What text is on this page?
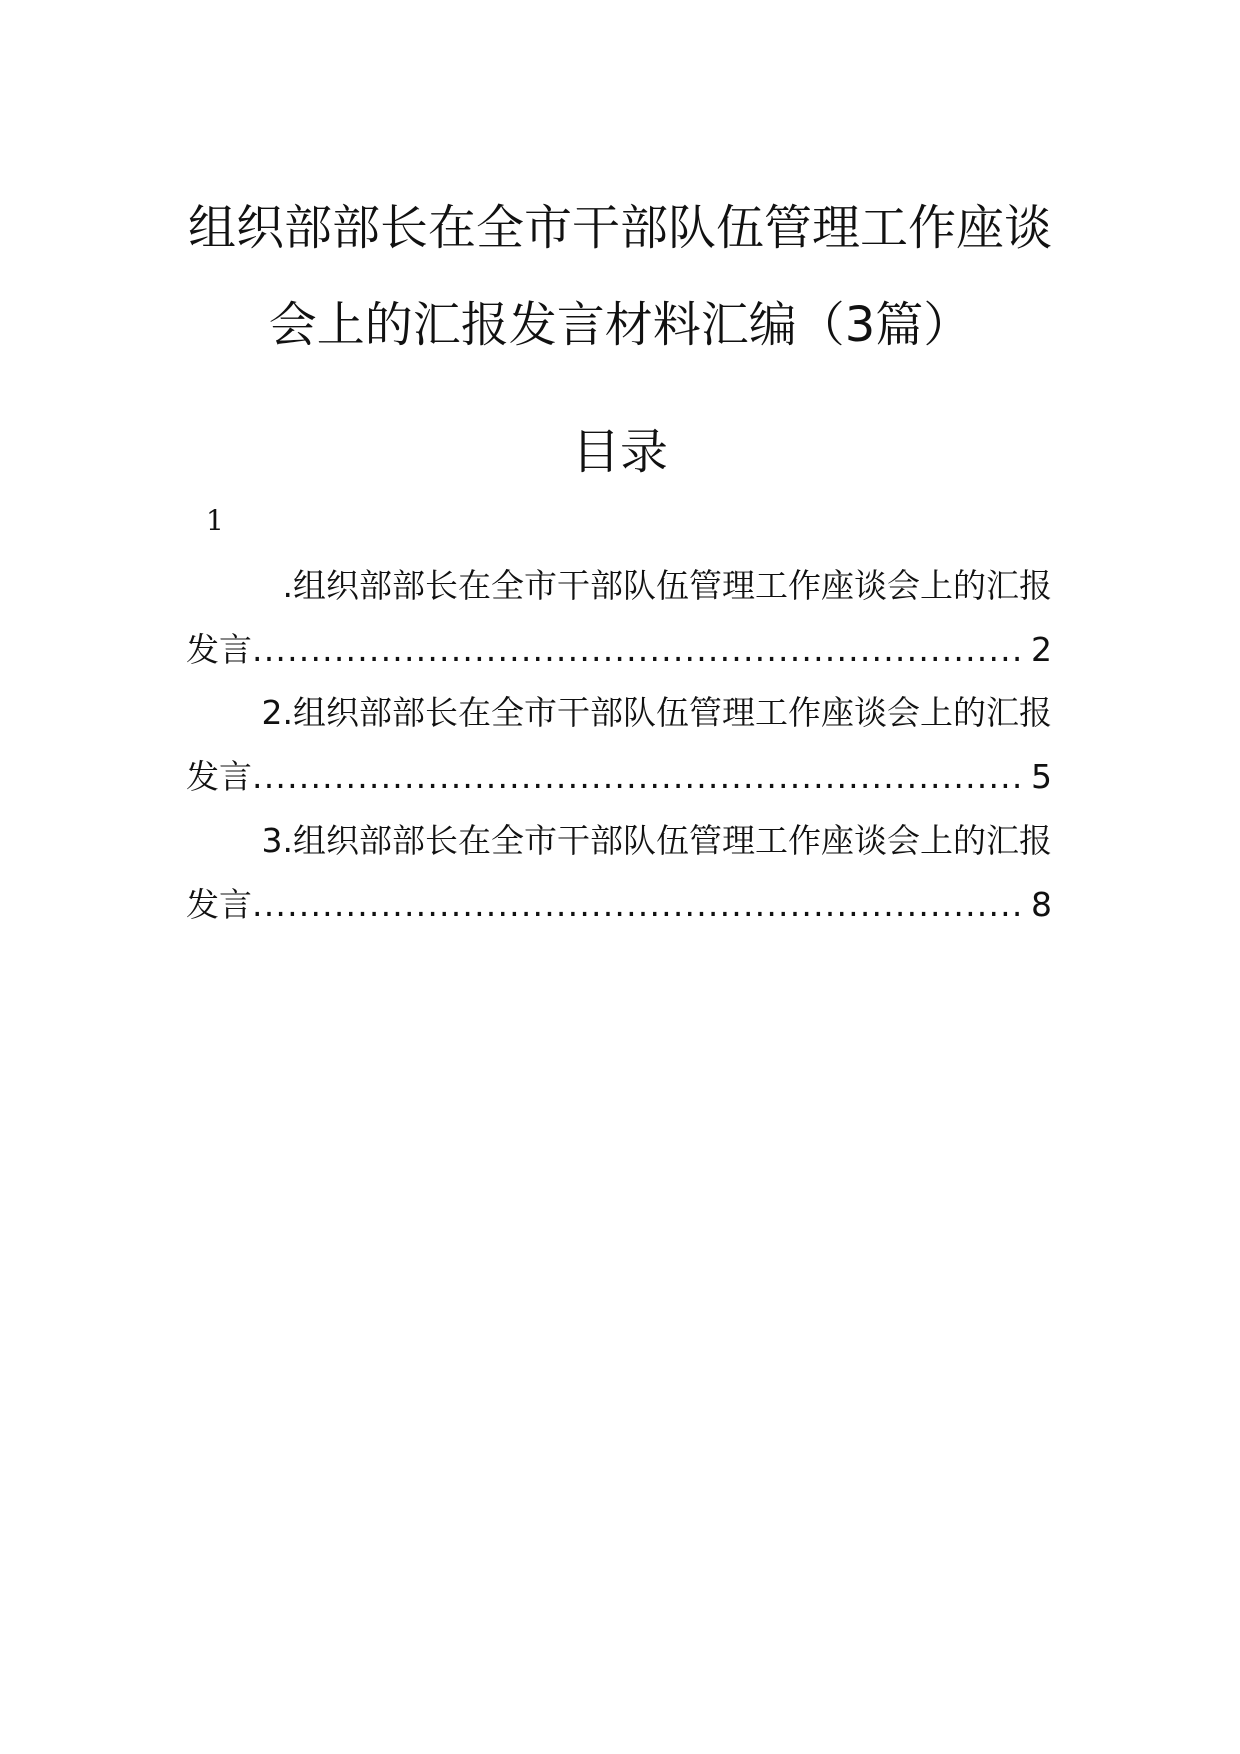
组织部部长在全市干部队伍管理工作座谈
会上的汇报发言材料汇编（3篇）
目录
1
.组织部部长在全市干部队伍管理工作座谈会上的汇报
发言 .....	2
2.组织部部长在全市干部队伍管理工作座谈会上的汇报
发言 .....	5
3.组织部部长在全市干部队伍管理工作座谈会上的汇报
发言 .....	8
